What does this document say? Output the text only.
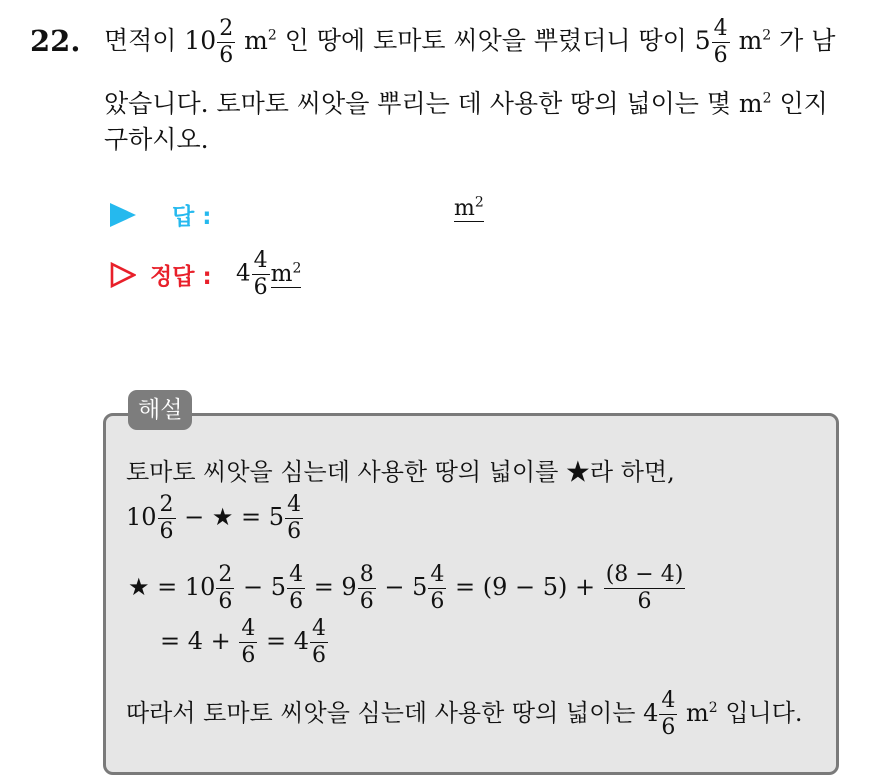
22. 면적이 $10 \frac{2}{6} m^2$ 인 땅에 토마토 씨앗을 뿌렸더니 땅이 $5 \frac{4}{6} m^2$ 가 남
았습니다. 토마토 씨앗을 뿌리는 데 사용한 땅의 넓이는 몇 $m^2$ 인지
구하시오.
답 :	$m^2$
정답 : $4 \frac{4}{6} m^2$
해설
토마토 씨앗을 심는데 사용한 땅의 넓이를 ★라 하면,
$10 \frac{2}{6}$ − ★ = $5 \frac{4}{6}$
★ = $10 \frac{2}{6} - 5 \frac{4}{6} = 9 \frac{8}{6} - 5 \frac{4}{6} = (9 - 5) + \frac{(8 - 4)}{6}$
= $4 + \frac{4}{6} = 4 \frac{4}{6}$
따라서 토마토 씨앗을 심는데 사용한 땅의 넓이는 $4 \frac{4}{6} m^2$ 입니다.
